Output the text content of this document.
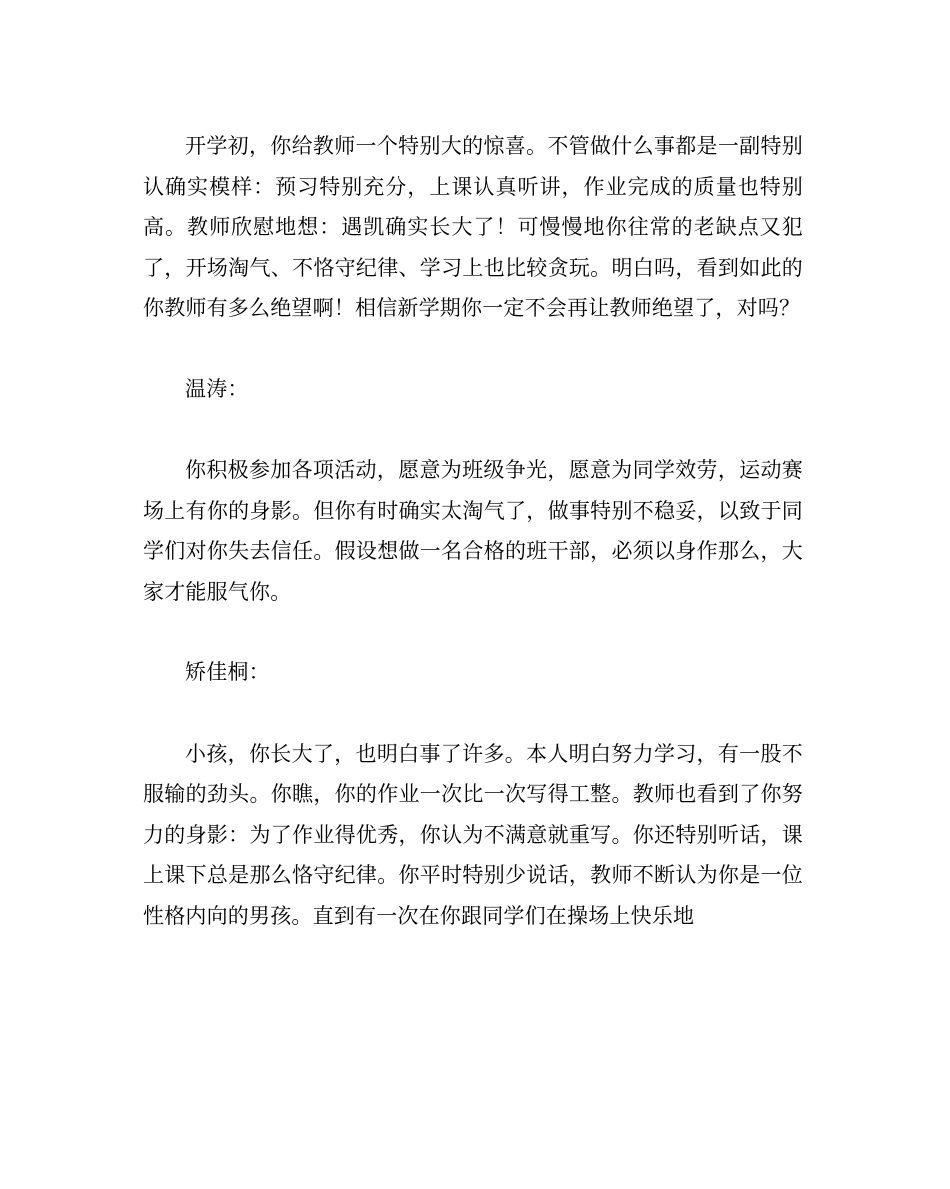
开学初，你给教师一个特别大的惊喜。不管做什么事都是一副特别认确实模样：预习特别充分，上课认真听讲，作业完成的质量也特别高。教师欣慰地想：遇凯确实长大了！可慢慢地你往常的老缺点又犯了，开场淘气、不恪守纪律、学习上也比较贪玩。明白吗，看到如此的你教师有多么绝望啊！相信新学期你一定不会再让教师绝望了，对吗？

温涛：

你积极参加各项活动，愿意为班级争光，愿意为同学效劳，运动赛场上有你的身影。但你有时确实太淘气了，做事特别不稳妥，以致于同学们对你失去信任。假设想做一名合格的班干部，必须以身作那么，大家才能服气你。

矫佳桐：

小孩，你长大了，也明白事了许多。本人明白努力学习，有一股不服输的劲头。你瞧，你的作业一次比一次写得工整。教师也看到了你努力的身影：为了作业得优秀，你认为不满意就重写。你还特别听话，课上课下总是那么恪守纪律。你平时特别少说话，教师不断认为你是一位性格内向的男孩。直到有一次在你跟同学们在操场上快乐地
